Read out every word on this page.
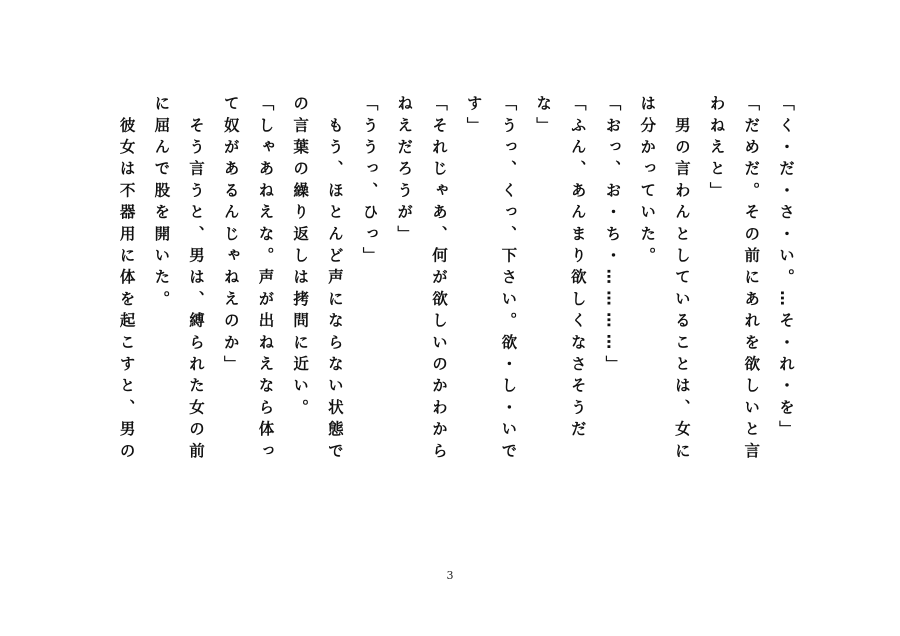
「く・だ・さ・い。…そ・れ・を」
「だめだ。その前にあれを欲しいと言
わねえと」
　男の言わんとしていることは、女に
は分かっていた。
「おっ、お・ち・…………」
「ふん、あんまり欲しくなさそうだ
な」
「うっ、くっ、下さい。欲・し・いで
す」
「それじゃあ、何が欲しいのかわから
ねえだろうが」
「ううっ、ひっ」
　もう、ほとんど声にならない状態で
の言葉の繰り返しは拷問に近い。
「しゃあねえな。声が出ねえなら体っ
て奴があるんじゃねえのか」
　そう言うと、男は、縛られた女の前
に屈んで股を開いた。
　彼女は不器用に体を起こすと、男の
3
